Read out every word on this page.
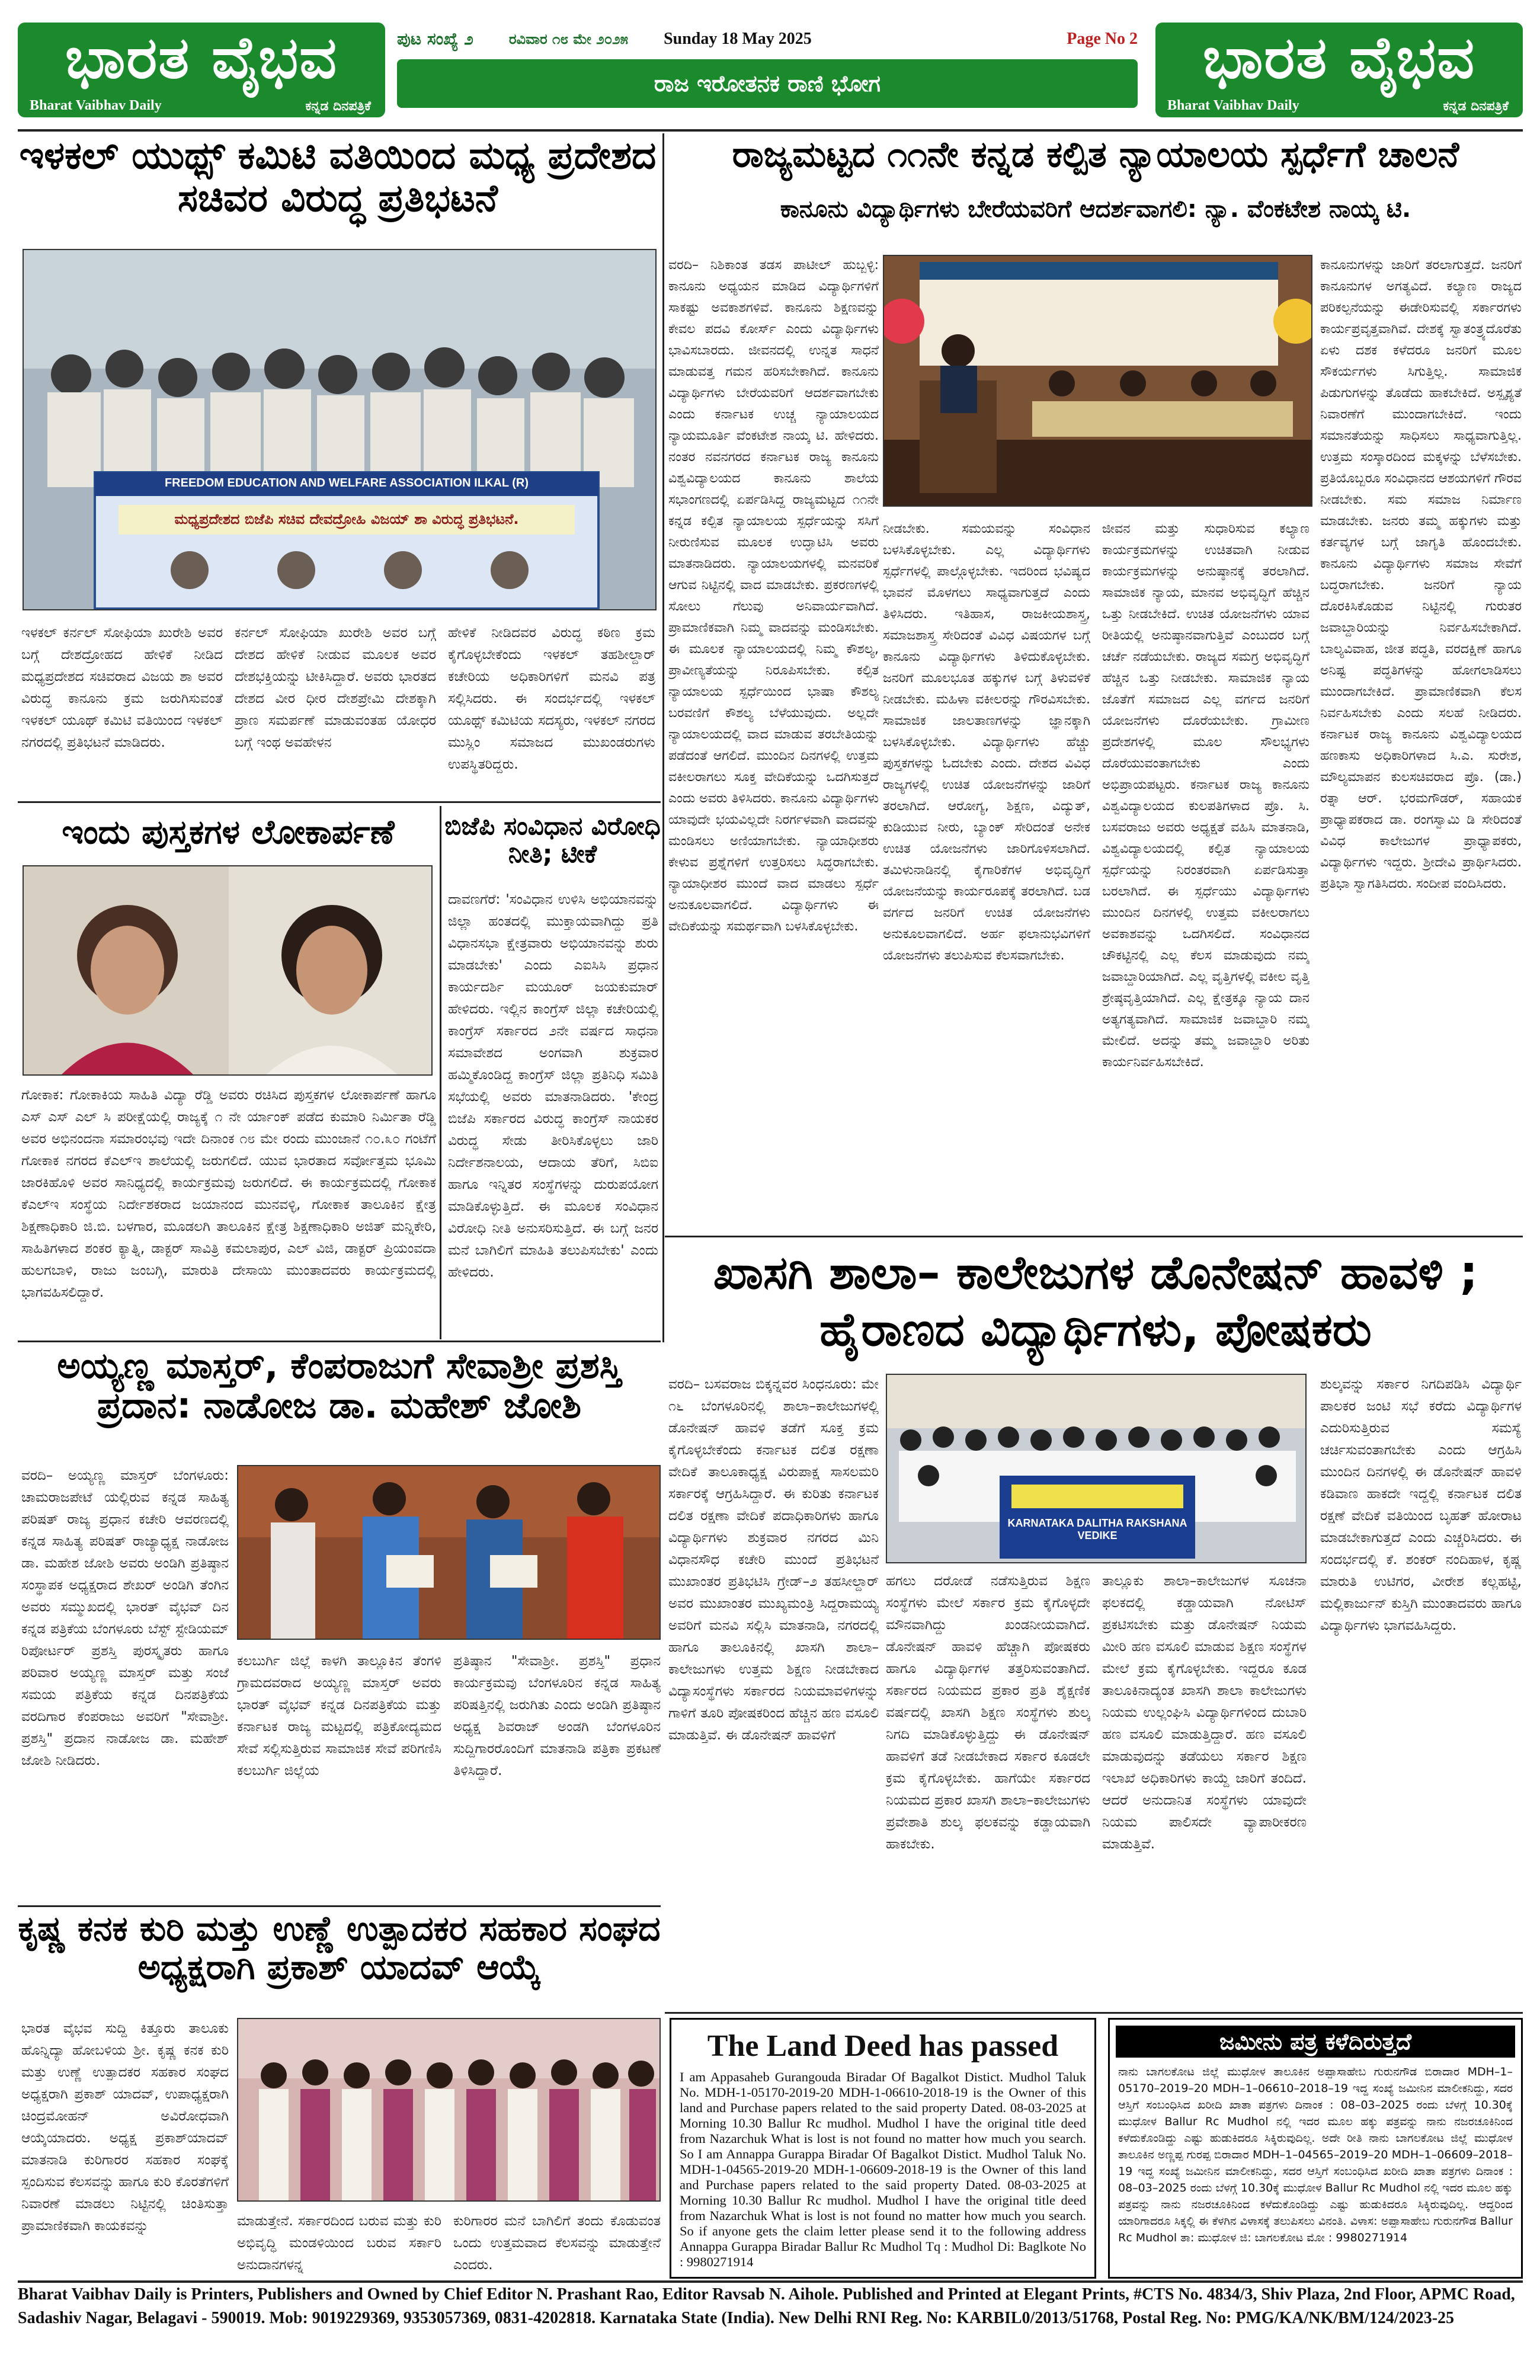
ಭಾರತ ವೈಭವ
Bharat Vaibhav Daily	ಕನ್ನಡ ದಿನಪತ್ರಿಕೆ
ಭಾರತ ವೈಭವ
Bharat Vaibhav Daily	ಕನ್ನಡ ದಿನಪತ್ರಿಕೆ
ಪುಟ ಸಂಖ್ಯೆ ೨	ರವಿವಾರ ೧೮ ಮೇ ೨೦೨೫ Sunday 18 May 2025	Page No 2
ರಾಜ ಇರೋತನಕ ರಾಣಿ ಭೋಗ
ಇಳಕಲ್ ಯುಥ್ಸ್ ಕಮಿಟಿ ವತಿಯಿಂದ ಮಧ್ಯ ಪ್ರದೇಶದ ಸಚಿವರ ವಿರುದ್ಧ ಪ್ರತಿಭಟನೆ
FREEDOM EDUCATION AND WELFARE ASSOCIATION ILKAL (R)
ಮಧ್ಯಪ್ರದೇಶದ ಬಿಜೆಪಿ ಸಚಿವ ದೇವದ್ರೋಹಿ ವಿಜಯ್ ಶಾ ವಿರುದ್ಧ ಪ್ರತಿಭಟನೆ.
ಇಳಕಲ್ ಕರ್ನಲ್ ಸೋಫಿಯಾ ಖುರೇಶಿ ಅವರ ಬಗ್ಗೆ ದೇಶದ್ರೋಹದ ಹೇಳಿಕೆ ನೀಡಿದ ಮಧ್ಯಪ್ರದೇಶದ ಸಚಿವರಾದ ವಿಜಯ ಶಾ ಅವರ ವಿರುದ್ಧ ಕಾನೂನು ಕ್ರಮ ಜರುಗಿಸುವಂತೆ ಇಳಕಲ್ ಯೂಥ್ ಕಮಿಟಿ ವತಿಯಿಂದ ಇಳಕಲ್ ನಗರದಲ್ಲಿ ಪ್ರತಿಭಟನೆ ಮಾಡಿದರು.
ಕರ್ನಲ್ ಸೋಫಿಯಾ ಖುರೇಶಿ ಅವರ ಬಗ್ಗೆ ದೇಶದ ಹೇಳಿಕೆ ನೀಡುವ ಮೂಲಕ ಅವರ ದೇಶಭಕ್ತಿಯನ್ನು ಟೀಕಿಸಿದ್ದಾರೆ. ಅವರು ಭಾರತದ ದೇಶದ ವೀರ ಧೀರ ದೇಶಪ್ರೇಮಿ ದೇಶಕ್ಕಾಗಿ ಪ್ರಾಣ ಸಮರ್ಪಣೆ ಮಾಡುವಂತಹ ಯೋಧರ ಬಗ್ಗೆ ಇಂಥ ಅವಹೇಳನ
ಹೇಳಿಕೆ ನೀಡಿದವರ ವಿರುದ್ಧ ಕಠಿಣ ಕ್ರಮ ಕೈಗೊಳ್ಳಬೇಕೆಂದು ಇಳಕಲ್ ತಹಶೀಲ್ದಾರ್ ಕಚೇರಿಯ ಅಧಿಕಾರಿಗಳಿಗೆ ಮನವಿ ಪತ್ರ ಸಲ್ಲಿಸಿದರು. ಈ ಸಂದರ್ಭದಲ್ಲಿ ಇಳಕಲ್ ಯೂಥ್ಸ್ ಕಮಿಟಿಯ ಸದಸ್ಯರು, ಇಳಕಲ್ ನಗರದ ಮುಸ್ಲಿಂ ಸಮಾಜದ ಮುಖಂಡರುಗಳು ಉಪಸ್ಥಿತರಿದ್ದರು.
ಇಂದು ಪುಸ್ತಕಗಳ ಲೋಕಾರ್ಪಣೆ
ಗೋಕಾಕ: ಗೋಕಾಕಿಯ ಸಾಹಿತಿ ವಿದ್ಯಾ ರೆಡ್ಡಿ ಅವರು ರಚಿಸಿದ ಪುಸ್ತಕಗಳ ಲೋಕಾರ್ಪಣೆ ಹಾಗೂ ಎಸ್ ಎಸ್ ಎಲ್ ಸಿ ಪರೀಕ್ಷೆಯಲ್ಲಿ ರಾಜ್ಯಕ್ಕೆ ೧ ನೇ ರ್ಯಾಂಕ್ ಪಡೆದ ಕುಮಾರಿ ನಿರ್ಮಿತಾ ರೆಡ್ಡಿ ಅವರ ಅಭಿನಂದನಾ ಸಮಾರಂಭವು ಇದೇ ದಿನಾಂಕ ೧೮ ಮೇ ರಂದು ಮುಂಜಾನೆ ೧೦.೩೦ ಗಂಟೆಗೆ ಗೋಕಾಕ ನಗರದ ಕೆಎಲ್‌ಇ ಶಾಲೆಯಲ್ಲಿ ಜರುಗಲಿದೆ. ಯುವ ಭಾರತಾದ ಸರ್ವೋತ್ತಮ ಭೂಮಿ ಜಾರಕಿಹೊಳಿ ಅವರ ಸಾನಿಧ್ಯದಲ್ಲಿ ಕಾರ್ಯಕ್ರಮವು ಜರುಗಲಿದೆ. ಈ ಕಾರ್ಯಕ್ರಮದಲ್ಲಿ ಗೋಕಾಕ ಕೆಎಲ್‌ಇ ಸಂಸ್ಥೆಯ ನಿರ್ದೇಶಕರಾದ ಜಯಾನಂದ ಮುನವಳ್ಳಿ, ಗೋಕಾಕ ತಾಲೂಕಿನ ಕ್ಷೇತ್ರ ಶಿಕ್ಷಣಾಧಿಕಾರಿ ಜಿ.ಬಿ. ಬಳಗಾರ, ಮೂಡಲಗಿ ತಾಲೂಕಿನ ಕ್ಷೇತ್ರ ಶಿಕ್ಷಣಾಧಿಕಾರಿ ಅಜಿತ್ ಮನ್ನಿಕೇರಿ, ಸಾಹಿತಿಗಳಾದ ಶಂಕರ ಕ್ಯಾತ್ನಿ, ಡಾಕ್ಟರ್ ಸಾವಿತ್ರಿ ಕಮಲಾಪುರ, ಎಲ್ ವಿಜಿ, ಡಾಕ್ಟರ್ ಪ್ರಿಯಂವದಾ ಹುಲಗಬಾಳಿ, ರಾಜು ಜಂಬಗ್ಗಿ, ಮಾರುತಿ ದೇಸಾಯಿ ಮುಂತಾದವರು ಕಾರ್ಯಕ್ರಮದಲ್ಲಿ ಭಾಗವಹಿಸಲಿದ್ದಾರೆ.
ಬಿಜೆಪಿ ಸಂವಿಧಾನ ವಿರೋಧಿ ನೀತಿ; ಟೀಕೆ
ದಾವಣಗೆರೆ: 'ಸಂವಿಧಾನ ಉಳಿಸಿ ಅಭಿಯಾನವನ್ನು ಜಿಲ್ಲಾ ಹಂತದಲ್ಲಿ ಮುಕ್ತಾಯವಾಗಿದ್ದು ಪ್ರತಿ ವಿಧಾನಸಭಾ ಕ್ಷೇತ್ರವಾರು ಅಭಿಯಾನವನ್ನು ಶುರು ಮಾಡಬೇಕು' ಎಂದು ಎಐಸಿಸಿ ಪ್ರಧಾನ ಕಾರ್ಯದರ್ಶಿ ಮಯೂರ್ ಜಯಕುಮಾರ್ ಹೇಳಿದರು. ಇಲ್ಲಿನ ಕಾಂಗ್ರೆಸ್ ಜಿಲ್ಲಾ ಕಚೇರಿಯಲ್ಲಿ ಕಾಂಗ್ರೆಸ್ ಸರ್ಕಾರದ ೨ನೇ ವರ್ಷದ ಸಾಧನಾ ಸಮಾವೇಶದ ಅಂಗವಾಗಿ ಶುಕ್ರವಾರ ಹಮ್ಮಿಕೊಂಡಿದ್ದ ಕಾಂಗ್ರೆಸ್ ಜಿಲ್ಲಾ ಪ್ರತಿನಿಧಿ ಸಮಿತಿ ಸಭೆಯಲ್ಲಿ ಅವರು ಮಾತನಾಡಿದರು. 'ಕೇಂದ್ರ ಬಿಜೆಪಿ ಸರ್ಕಾರದ ವಿರುದ್ಧ ಕಾಂಗ್ರೆಸ್ ನಾಯಕರ ವಿರುದ್ಧ ಸೇಡು ತೀರಿಸಿಕೊಳ್ಳಲು ಜಾರಿ ನಿರ್ದೇಶನಾಲಯ, ಆದಾಯ ತೆರಿಗೆ, ಸಿಬಿಐ ಹಾಗೂ ಇನ್ನಿತರ ಸಂಸ್ಥೆಗಳನ್ನು ದುರುಪಯೋಗ ಮಾಡಿಕೊಳ್ಳುತ್ತಿದೆ. ಈ ಮೂಲಕ ಸಂವಿಧಾನ ವಿರೋಧಿ ನೀತಿ ಅನುಸರಿಸುತ್ತಿದೆ. ಈ ಬಗ್ಗೆ ಜನರ ಮನೆ ಬಾಗಿಲಿಗೆ ಮಾಹಿತಿ ತಲುಪಿಸಬೇಕು' ಎಂದು ಹೇಳಿದರು.
ರಾಜ್ಯಮಟ್ಟದ ೧೧ನೇ ಕನ್ನಡ ಕಲ್ಪಿತ ನ್ಯಾಯಾಲಯ ಸ್ಪರ್ಧೆಗೆ ಚಾಲನೆ
ಕಾನೂನು ವಿದ್ಯಾರ್ಥಿಗಳು ಬೇರೆಯವರಿಗೆ ಆದರ್ಶವಾಗಲಿ: ನ್ಯಾ. ವೆಂಕಟೇಶ ನಾಯ್ಕ ಟಿ.
ವರದಿ– ನಿಶಿಕಾಂತ ತಡಸ ಪಾಟೀಲ್ ಹುಬ್ಬಳ್ಳಿ: ಕಾನೂನು ಅಧ್ಯಯನ ಮಾಡಿದ ವಿದ್ಯಾರ್ಥಿಗಳಿಗೆ ಸಾಕಷ್ಟು ಅವಕಾಶಗಳಿವೆ. ಕಾನೂನು ಶಿಕ್ಷಣವನ್ನು ಕೇವಲ ಪದವಿ ಕೋರ್ಸ್ ಎಂದು ವಿದ್ಯಾರ್ಥಿಗಳು ಭಾವಿಸಬಾರದು. ಜೀವನದಲ್ಲಿ ಉನ್ನತ ಸಾಧನೆ ಮಾಡುವತ್ತ ಗಮನ ಹರಿಸಬೇಕಾಗಿದೆ. ಕಾನೂನು ವಿದ್ಯಾರ್ಥಿಗಳು ಬೇರೆಯವರಿಗೆ ಆದರ್ಶವಾಗಬೇಕು ಎಂದು ಕರ್ನಾಟಕ ಉಚ್ಚ ನ್ಯಾಯಾಲಯದ ನ್ಯಾಯಮೂರ್ತಿ ವೆಂಕಟೇಶ ನಾಯ್ಕ ಟಿ. ಹೇಳಿದರು. ನಂತರ ನವನಗರದ ಕರ್ನಾಟಕ ರಾಜ್ಯ ಕಾನೂನು ವಿಶ್ವವಿದ್ಯಾಲಯದ ಕಾನೂನು ಶಾಲೆಯ ಸಭಾಂಗಣದಲ್ಲಿ ಏರ್ಪಡಿಸಿದ್ದ ರಾಜ್ಯಮಟ್ಟದ ೧೧ನೇ ಕನ್ನಡ ಕಲ್ಪಿತ ನ್ಯಾಯಾಲಯ ಸ್ಪರ್ಧೆಯನ್ನು ಸಸಿಗೆ ನೀರುಣಿಸುವ ಮೂಲಕ ಉದ್ಘಾಟಿಸಿ ಅವರು ಮಾತನಾಡಿದರು. ನ್ಯಾಯಾಲಯಗಳಲ್ಲಿ ಮನವರಿಕೆ ಆಗುವ ನಿಟ್ಟಿನಲ್ಲಿ ವಾದ ಮಾಡಬೇಕು. ಪ್ರಕರಣಗಳಲ್ಲಿ ಸೋಲು ಗೆಲುವು ಅನಿವಾರ್ಯವಾಗಿದೆ. ಪ್ರಾಮಾಣಿಕವಾಗಿ ನಿಮ್ಮ ವಾದವನ್ನು ಮಂಡಿಸಬೇಕು. ಈ ಮೂಲಕ ನ್ಯಾಯಾಲಯದಲ್ಲಿ ನಿಮ್ಮ ಕೌಶಲ್ಯ, ಪ್ರಾವೀಣ್ಯತೆಯನ್ನು ನಿರೂಪಿಸಬೇಕು. ಕಲ್ಪಿತ ನ್ಯಾಯಾಲಯ ಸ್ಪರ್ಧೆಯಿಂದ ಭಾಷಾ ಕೌಶಲ್ಯ ಬರವಣಿಗೆ ಕೌಶಲ್ಯ ಬೆಳೆಯುವುದು. ಅಲ್ಲದೇ ನ್ಯಾಯಾಲಯದಲ್ಲಿ ವಾದ ಮಾಡುವ ತರಬೇತಿಯನ್ನು ಪಡೆದಂತೆ ಆಗಲಿದೆ. ಮುಂದಿನ ದಿನಗಳಲ್ಲಿ ಉತ್ತಮ ವಕೀಲರಾಗಲು ಸೂಕ್ತ ವೇದಿಕೆಯನ್ನು ಒದಗಿಸುತ್ತದೆ ಎಂದು ಅವರು ತಿಳಿಸಿದರು. ಕಾನೂನು ವಿದ್ಯಾರ್ಥಿಗಳು ಯಾವುದೇ ಭಯವಿಲ್ಲದೇ ನಿರರ್ಗಳವಾಗಿ ವಾದವನ್ನು ಮಂಡಿಸಲು ಅಣಿಯಾಗಬೇಕು. ನ್ಯಾಯಾಧೀಶರು ಕೇಳುವ ಪ್ರಶ್ನೆಗಳಿಗೆ ಉತ್ತರಿಸಲು ಸಿದ್ಧರಾಗಬೇಕು. ನ್ಯಾಯಾಧೀಶರ ಮುಂದೆ ವಾದ ಮಾಡಲು ಸ್ಪರ್ಧೆ ಅನುಕೂಲವಾಗಲಿದೆ. ವಿದ್ಯಾರ್ಥಿಗಳು ಈ ವೇದಿಕೆಯನ್ನು ಸಮರ್ಥವಾಗಿ ಬಳಸಿಕೊಳ್ಳಬೇಕು.
ನೀಡಬೇಕು. ಸಮಯವನ್ನು ಸಂವಿಧಾನ ಬಳಸಿಕೊಳ್ಳಬೇಕು. ಎಲ್ಲ ವಿದ್ಯಾರ್ಥಿಗಳು ಸ್ಪರ್ಧೆಗಳಲ್ಲಿ ಪಾಲ್ಗೊಳ್ಳಬೇಕು. ಇದರಿಂದ ಭವಿಷ್ಯದ ಭಾವನೆ ಮೊಳಗಲು ಸಾಧ್ಯವಾಗುತ್ತದೆ ಎಂದು ತಿಳಿಸಿದರು. ಇತಿಹಾಸ, ರಾಜಕೀಯಶಾಸ್ತ್ರ, ಸಮಾಜಶಾಸ್ತ್ರ ಸೇರಿದಂತೆ ವಿವಿಧ ವಿಷಯಗಳ ಬಗ್ಗೆ ಕಾನೂನು ವಿದ್ಯಾರ್ಥಿಗಳು ತಿಳಿದುಕೊಳ್ಳಬೇಕು. ಜನರಿಗೆ ಮೂಲಭೂತ ಹಕ್ಕುಗಳ ಬಗ್ಗೆ ತಿಳುವಳಿಕೆ ನೀಡಬೇಕು. ಮಹಿಳಾ ವಕೀಲರನ್ನು ಗೌರವಿಸಬೇಕು. ಸಾಮಾಜಿಕ ಜಾಲತಾಣಗಳನ್ನು ಜ್ಞಾನಕ್ಕಾಗಿ ಬಳಸಿಕೊಳ್ಳಬೇಕು. ವಿದ್ಯಾರ್ಥಿಗಳು ಹೆಚ್ಚು ಪುಸ್ತಕಗಳನ್ನು ಓದಬೇಕು ಎಂದು. ದೇಶದ ವಿವಿಧ ರಾಜ್ಯಗಳಲ್ಲಿ ಉಚಿತ ಯೋಜನೆಗಳನ್ನು ಜಾರಿಗೆ ತರಲಾಗಿದೆ. ಆರೋಗ್ಯ, ಶಿಕ್ಷಣ, ವಿದ್ಯುತ್, ಕುಡಿಯುವ ನೀರು, ಬ್ಯಾಂಕ್ ಸೇರಿದಂತೆ ಅನೇಕ ಉಚಿತ ಯೋಜನೆಗಳು ಜಾರಿಗೊಳಿಸಲಾಗಿದೆ. ತಮಿಳುನಾಡಿನಲ್ಲಿ ಕೈಗಾರಿಕೆಗಳ ಅಭಿವೃದ್ಧಿಗೆ ಯೋಜನೆಯನ್ನು ಕಾರ್ಯರೂಪಕ್ಕೆ ತರಲಾಗಿದೆ. ಬಡ ವರ್ಗದ ಜನರಿಗೆ ಉಚಿತ ಯೋಜನೆಗಳು ಅನುಕೂಲವಾಗಲಿದೆ. ಅರ್ಹ ಫಲಾನುಭವಿಗಳಿಗೆ ಯೋಜನೆಗಳು ತಲುಪಿಸುವ ಕೆಲಸವಾಗಬೇಕು.
ಜೀವನ ಮತ್ತು ಸುಧಾರಿಸುವ ಕಲ್ಯಾಣ ಕಾರ್ಯಕ್ರಮಗಳನ್ನು ಉಚಿತವಾಗಿ ನೀಡುವ ಕಾರ್ಯಕ್ರಮಗಳನ್ನು ಅನುಷ್ಠಾನಕ್ಕೆ ತರಲಾಗಿದೆ. ಸಾಮಾಜಿಕ ನ್ಯಾಯ, ಮಾನವ ಅಭಿವೃದ್ಧಿಗೆ ಹೆಚ್ಚಿನ ಒತ್ತು ನೀಡಬೇಕಿದೆ. ಉಚಿತ ಯೋಜನೆಗಳು ಯಾವ ರೀತಿಯಲ್ಲಿ ಅನುಷ್ಠಾನವಾಗುತ್ತಿವೆ ಎಂಬುದರ ಬಗ್ಗೆ ಚರ್ಚೆ ನಡೆಯಬೇಕು. ರಾಜ್ಯದ ಸಮಗ್ರ ಅಭಿವೃದ್ಧಿಗೆ ಹೆಚ್ಚಿನ ಒತ್ತು ನೀಡಬೇಕು. ಸಾಮಾಜಿಕ ನ್ಯಾಯ ಜೊತೆಗೆ ಸಮಾಜದ ಎಲ್ಲ ವರ್ಗದ ಜನರಿಗೆ ಯೋಜನೆಗಳು ದೊರೆಯಬೇಕು. ಗ್ರಾಮೀಣ ಪ್ರದೇಶಗಳಲ್ಲಿ ಮೂಲ ಸೌಲಭ್ಯಗಳು ದೊರೆಯುವಂತಾಗಬೇಕು ಎಂದು ಅಭಿಪ್ರಾಯಪಟ್ಟರು. ಕರ್ನಾಟಕ ರಾಜ್ಯ ಕಾನೂನು ವಿಶ್ವವಿದ್ಯಾಲಯದ ಕುಲಪತಿಗಳಾದ ಪ್ರೊ. ಸಿ. ಬಸವರಾಜು ಅವರು ಅಧ್ಯಕ್ಷತೆ ವಹಿಸಿ ಮಾತನಾಡಿ, ವಿಶ್ವವಿದ್ಯಾಲಯದಲ್ಲಿ ಕಲ್ಪಿತ ನ್ಯಾಯಾಲಯ ಸ್ಪರ್ಧೆಯನ್ನು ನಿರಂತರವಾಗಿ ಏರ್ಪಡಿಸುತ್ತಾ ಬರಲಾಗಿದೆ. ಈ ಸ್ಪರ್ಧೆಯು ವಿದ್ಯಾರ್ಥಿಗಳು ಮುಂದಿನ ದಿನಗಳಲ್ಲಿ ಉತ್ತಮ ವಕೀಲರಾಗಲು ಅವಕಾಶವನ್ನು ಒದಗಿಸಲಿದೆ. ಸಂವಿಧಾನದ ಚೌಕಟ್ಟಿನಲ್ಲಿ ಎಲ್ಲ ಕೆಲಸ ಮಾಡುವುದು ನಮ್ಮ ಜವಾಬ್ದಾರಿಯಾಗಿದೆ. ಎಲ್ಲ ವೃತ್ತಿಗಳಲ್ಲಿ ವಕೀಲ ವೃತ್ತಿ ಶ್ರೇಷ್ಠವೃತ್ತಿಯಾಗಿದೆ. ಎಲ್ಲ ಕ್ಷೇತ್ರಕ್ಕೂ ನ್ಯಾಯ ದಾನ ಅತ್ಯಗತ್ಯವಾಗಿದೆ. ಸಾಮಾಜಿಕ ಜವಾಬ್ದಾರಿ ನಮ್ಮ ಮೇಲಿದೆ. ಅದನ್ನು ತಮ್ಮ ಜವಾಬ್ದಾರಿ ಅರಿತು ಕಾರ್ಯನಿರ್ವಹಿಸಬೇಕಿದೆ.
ಕಾನೂನುಗಳನ್ನು ಜಾರಿಗೆ ತರಲಾಗುತ್ತದೆ. ಜನರಿಗೆ ಕಾನೂನುಗಳ ಅಗತ್ಯವಿದೆ. ಕಲ್ಯಾಣ ರಾಜ್ಯದ ಪರಿಕಲ್ಪನೆಯನ್ನು ಈಡೇರಿಸುವಲ್ಲಿ ಸರ್ಕಾರಗಳು ಕಾರ್ಯಪ್ರವೃತ್ತವಾಗಿವೆ. ದೇಶಕ್ಕೆ ಸ್ವಾತಂತ್ರ್ಯದೊರೆತು ಏಳು ದಶಕ ಕಳೆದರೂ ಜನರಿಗೆ ಮೂಲ ಸೌಕರ್ಯಗಳು ಸಿಗುತ್ತಿಲ್ಲ. ಸಾಮಾಜಿಕ ಪಿಡುಗುಗಳನ್ನು ತೊಡೆದು ಹಾಕಬೇಕಿದೆ. ಅಸ್ಪೃಶ್ಯತೆ ನಿವಾರಣೆಗೆ ಮುಂದಾಗಬೇಕಿದೆ. ಇಂದು ಸಮಾನತೆಯನ್ನು ಸಾಧಿಸಲು ಸಾಧ್ಯವಾಗುತ್ತಿಲ್ಲ. ಉತ್ತಮ ಸಂಸ್ಕಾರದಿಂದ ಮಕ್ಕಳನ್ನು ಬೆಳೆಸಬೇಕು. ಪ್ರತಿಯೊಬ್ಬರೂ ಸಂವಿಧಾನದ ಆಶಯಗಳಿಗೆ ಗೌರವ ನೀಡಬೇಕು. ಸಮ ಸಮಾಜ ನಿರ್ಮಾಣ ಮಾಡಬೇಕು. ಜನರು ತಮ್ಮ ಹಕ್ಕುಗಳು ಮತ್ತು ಕರ್ತವ್ಯಗಳ ಬಗ್ಗೆ ಜಾಗೃತಿ ಹೊಂದಬೇಕು. ಕಾನೂನು ವಿದ್ಯಾರ್ಥಿಗಳು ಸಮಾಜ ಸೇವೆಗೆ ಬದ್ಧರಾಗಬೇಕು. ಜನರಿಗೆ ನ್ಯಾಯ ದೊರಕಿಸಿಕೊಡುವ ನಿಟ್ಟಿನಲ್ಲಿ ಗುರುತರ ಜವಾಬ್ದಾರಿಯನ್ನು ನಿರ್ವಹಿಸಬೇಕಾಗಿದೆ. ಬಾಲ್ಯವಿವಾಹ, ಜೀತ ಪದ್ಧತಿ, ವರದಕ್ಷಿಣೆ ಹಾಗೂ ಅನಿಷ್ಟ ಪದ್ಧತಿಗಳನ್ನು ಹೋಗಲಾಡಿಸಲು ಮುಂದಾಗಬೇಕಿದೆ. ಪ್ರಾಮಾಣಿಕವಾಗಿ ಕೆಲಸ ನಿರ್ವಹಿಸಬೇಕು ಎಂದು ಸಲಹೆ ನೀಡಿದರು. ಕರ್ನಾಟಕ ರಾಜ್ಯ ಕಾನೂನು ವಿಶ್ವವಿದ್ಯಾಲಯದ ಹಣಕಾಸು ಅಧಿಕಾರಿಗಳಾದ ಸಿ.ಎ. ಸುರೇಶ, ಮೌಲ್ಯಮಾಪನ ಕುಲಸಚಿವರಾದ ಪ್ರೊ. (ಡಾ.) ರತ್ನಾ ಆರ್. ಭರಮಗೌಡರ್, ಸಹಾಯಕ ಪ್ರಾಧ್ಯಾಪಕರಾದ ಡಾ. ರಂಗಸ್ವಾಮಿ ಡಿ ಸೇರಿದಂತೆ ವಿವಿಧ ಕಾಲೇಜುಗಳ ಪ್ರಾಧ್ಯಾಪಕರು, ವಿದ್ಯಾರ್ಥಿಗಳು ಇದ್ದರು. ಶ್ರೀದೇವಿ ಪ್ರಾರ್ಥಿಸಿದರು. ಪ್ರತಿಭಾ ಸ್ವಾಗತಿಸಿದರು. ಸಂದೀಪ ವಂದಿಸಿದರು.
ಖಾಸಗಿ ಶಾಲಾ– ಕಾಲೇಜುಗಳ ಡೊನೇಷನ್ ಹಾವಳಿ ; ಹೈರಾಣದ ವಿದ್ಯಾರ್ಥಿಗಳು, ಪೋಷಕರು
KARNATAKA DALITHA RAKSHANA VEDIKE
ವರದಿ– ಬಸವರಾಜ ಬಿಕ್ಕನ್ನವರ ಸಿಂಧನೂರು: ಮೇ ೧೬ ಬೆಂಗಳೂರಿನಲ್ಲಿ ಶಾಲಾ–ಕಾಲೇಜುಗಳಲ್ಲಿ ಡೊನೇಷನ್ ಹಾವಳಿ ತಡೆಗೆ ಸೂಕ್ತ ಕ್ರಮ ಕೈಗೊಳ್ಳಬೇಕೆಂದು ಕರ್ನಾಟಕ ದಲಿತ ರಕ್ಷಣಾ ವೇದಿಕೆ ತಾಲೂಕಾಧ್ಯಕ್ಷ ವಿರುಪಾಕ್ಷ ಸಾಸಲಮರಿ ಸರ್ಕಾರಕ್ಕೆ ಆಗ್ರಹಿಸಿದ್ದಾರೆ. ಈ ಕುರಿತು ಕರ್ನಾಟಕ ದಲಿತ ರಕ್ಷಣಾ ವೇದಿಕೆ ಪದಾಧಿಕಾರಿಗಳು ಹಾಗೂ ವಿದ್ಯಾರ್ಥಿಗಳು ಶುಕ್ರವಾರ ನಗರದ ಮಿನಿ ವಿಧಾನಸೌಧ ಕಚೇರಿ ಮುಂದೆ ಪ್ರತಿಭಟನೆ ಮುಖಾಂತರ ಪ್ರತಿಭಟಿಸಿ ಗ್ರೇಡ್–೨ ತಹಸೀಲ್ದಾರ್ ಅವರ ಮುಖಾಂತರ ಮುಖ್ಯಮಂತ್ರಿ ಸಿದ್ದರಾಮಯ್ಯ ಅವರಿಗೆ ಮನವಿ ಸಲ್ಲಿಸಿ ಮಾತನಾಡಿ, ನಗರದಲ್ಲಿ ಹಾಗೂ ತಾಲೂಕಿನಲ್ಲಿ ಖಾಸಗಿ ಶಾಲಾ–ಕಾಲೇಜುಗಳು ಉತ್ತಮ ಶಿಕ್ಷಣ ನೀಡಬೇಕಾದ ವಿದ್ಯಾಸಂಸ್ಥೆಗಳು ಸರ್ಕಾರದ ನಿಯಮಾವಳಿಗಳನ್ನು ಗಾಳಿಗೆ ತೂರಿ ಪೋಷಕರಿಂದ ಹೆಚ್ಚಿನ ಹಣ ವಸೂಲಿ ಮಾಡುತ್ತಿವೆ. ಈ ಡೊನೇಷನ್ ಹಾವಳಿಗೆ
ಹಗಲು ದರೋಡೆ ನಡೆಸುತ್ತಿರುವ ಶಿಕ್ಷಣ ಸಂಸ್ಥೆಗಳು ಮೇಲೆ ಸರ್ಕಾರ ಕ್ರಮ ಕೈಗೊಳ್ಳದೇ ಮೌನವಾಗಿದ್ದು ಖಂಡನೀಯವಾಗಿದೆ. ಡೊನೇಷನ್ ಹಾವಳಿ ಹೆಚ್ಚಾಗಿ ಪೋಷಕರು ಹಾಗೂ ವಿದ್ಯಾರ್ಥಿಗಳ ತತ್ತರಿಸುವಂತಾಗಿದೆ. ಸರ್ಕಾರದ ನಿಯಮದ ಪ್ರಕಾರ ಪ್ರತಿ ಶೈಕ್ಷಣಿಕ ವರ್ಷದಲ್ಲಿ ಖಾಸಗಿ ಶಿಕ್ಷಣ ಸಂಸ್ಥೆಗಳು ಶುಲ್ಕ ನಿಗದಿ ಮಾಡಿಕೊಳ್ಳುತ್ತಿದ್ದು ಈ ಡೊನೇಷನ್ ಹಾವಳಿಗೆ ತಡೆ ನೀಡಬೇಕಾದ ಸರ್ಕಾರ ಕೂಡಲೇ ಕ್ರಮ ಕೈಗೊಳ್ಳಬೇಕು. ಹಾಗೆಯೇ ಸರ್ಕಾರದ ನಿಯಮದ ಪ್ರಕಾರ ಖಾಸಗಿ ಶಾಲಾ–ಕಾಲೇಜುಗಳು ಪ್ರವೇಶಾತಿ ಶುಲ್ಕ ಫಲಕವನ್ನು ಕಡ್ಡಾಯವಾಗಿ ಹಾಕಬೇಕು.
ತಾಲ್ಲೂಕು ಶಾಲಾ–ಕಾಲೇಜುಗಳ ಸೂಚನಾ ಫಲಕದಲ್ಲಿ ಕಡ್ಡಾಯವಾಗಿ ನೋಟಿಸ್ ಪ್ರಕಟಿಸಬೇಕು ಮತ್ತು ಡೊನೇಷನ್ ನಿಯಮ ಮೀರಿ ಹಣ ವಸೂಲಿ ಮಾಡುವ ಶಿಕ್ಷಣ ಸಂಸ್ಥೆಗಳ ಮೇಲೆ ಕ್ರಮ ಕೈಗೊಳ್ಳಬೇಕು. ಇದ್ದರೂ ಕೂಡ ತಾಲೂಕಿನಾದ್ಯಂತ ಖಾಸಗಿ ಶಾಲಾ ಕಾಲೇಜುಗಳು ನಿಯಮ ಉಲ್ಲಂಘಿಸಿ ವಿದ್ಯಾರ್ಥಿಗಳಿಂದ ದುಬಾರಿ ಹಣ ವಸೂಲಿ ಮಾಡುತ್ತಿದ್ದಾರೆ. ಹಣ ವಸೂಲಿ ಮಾಡುವುದನ್ನು ತಡೆಯಲು ಸರ್ಕಾರ ಶಿಕ್ಷಣ ಇಲಾಖೆ ಅಧಿಕಾರಿಗಳು ಕಾಯ್ದೆ ಜಾರಿಗೆ ತಂದಿದೆ. ಆದರೆ ಅನುದಾನಿತ ಸಂಸ್ಥೆಗಳು ಯಾವುದೇ ನಿಯಮ ಪಾಲಿಸದೇ ವ್ಯಾಪಾರೀಕರಣ ಮಾಡುತ್ತಿವೆ.
ಶುಲ್ಕವನ್ನು ಸರ್ಕಾರ ನಿಗದಿಪಡಿಸಿ ವಿದ್ಯಾರ್ಥಿ ಪಾಲಕರ ಜಂಟಿ ಸಭೆ ಕರೆದು ವಿದ್ಯಾರ್ಥಿಗಳ ಎದುರಿಸುತ್ತಿರುವ ಸಮಸ್ಯೆ ಚರ್ಚಿಸುವಂತಾಗಬೇಕು ಎಂದು ಆಗ್ರಹಿಸಿ ಮುಂದಿನ ದಿನಗಳಲ್ಲಿ ಈ ಡೊನೇಷನ್ ಹಾವಳಿ ಕಡಿವಾಣ ಹಾಕದೇ ಇದ್ದಲ್ಲಿ ಕರ್ನಾಟಕ ದಲಿತ ರಕ್ಷಣೆ ವೇದಿಕೆ ವತಿಯಿಂದ ಬೃಹತ್ ಹೋರಾಟ ಮಾಡಬೇಕಾಗುತ್ತದೆ ಎಂದು ಎಚ್ಚರಿಸಿದರು. ಈ ಸಂದರ್ಭದಲ್ಲಿ ಕೆ. ಶಂಕರ್ ನಂದಿಹಾಳ, ಕೃಷ್ಣ ಮಾರುತಿ ಉಟಿಗರ, ವೀರೇಶ ಕಲ್ಲಹಟ್ಟಿ, ಮಲ್ಲಿಕಾರ್ಜುನ್ ಕುಸ್ತಿಗಿ ಮುಂತಾದವರು ಹಾಗೂ ವಿದ್ಯಾರ್ಥಿಗಳು ಭಾಗವಹಿಸಿದ್ದರು.
ಅಯ್ಯಣ್ಣ ಮಾಸ್ತರ್, ಕೆಂಪರಾಜುಗೆ ಸೇವಾಶ್ರೀ ಪ್ರಶಸ್ತಿ ಪ್ರದಾನ: ನಾಡೋಜ ಡಾ. ಮಹೇಶ್ ಜೋಶಿ
ವರದಿ– ಅಯ್ಯಣ್ಣ ಮಾಸ್ತರ್ ಬೆಂಗಳೂರು: ಚಾಮರಾಜಪೇಟೆ ಯಲ್ಲಿರುವ ಕನ್ನಡ ಸಾಹಿತ್ಯ ಪರಿಷತ್ ರಾಜ್ಯ ಪ್ರಧಾನ ಕಚೇರಿ ಆವರಣದಲ್ಲಿ ಕನ್ನಡ ಸಾಹಿತ್ಯ ಪರಿಷತ್ ರಾಜ್ಯಾಧ್ಯಕ್ಷ ನಾಡೋಜ ಡಾ. ಮಹೇಶ ಜೋಶಿ ಅವರು ಅಂಡಿಗಿ ಪ್ರತಿಷ್ಠಾನ ಸಂಸ್ಥಾಪಕ ಅಧ್ಯಕ್ಷರಾದ ಶೇಖರ್ ಅಂಡಿಗಿ ತೆಂಗಿನ ಅವರು ಸಮ್ಮುಖದಲ್ಲಿ ಭಾರತ್ ವೈಭವ್ ದಿನ ಕನ್ನಡ ಪತ್ರಿಕೆಯ ಬೆಂಗಳೂರು ಬೆಸ್ಟ್ ಸ್ಟೇಡಿಯಮ್ ರಿಪೋರ್ಟರ್ ಪ್ರಶಸ್ತಿ ಪುರಸ್ಕೃತರು ಹಾಗೂ ಪರಿವಾರ ಅಯ್ಯಣ್ಣ ಮಾಸ್ತರ್ ಮತ್ತು ಸಂಜೆ ಸಮಯ ಪತ್ರಿಕೆಯ ಕನ್ನಡ ದಿನಪತ್ರಿಕೆಯ ವರದಿಗಾರ ಕೆಂಪರಾಜು ಅವರಿಗೆ "ಸೇವಾಶ್ರೀ. ಪ್ರಶಸ್ತಿ" ಪ್ರದಾನ ನಾಡೋಜ ಡಾ. ಮಹೇಶ್ ಜೋಶಿ ನೀಡಿದರು.
ಕಲಬುರ್ಗಿ ಜಿಲ್ಲೆ ಕಾಳಗಿ ತಾಲ್ಲೂಕಿನ ತೆಂಗಳಿ ಗ್ರಾಮದವರಾದ ಅಯ್ಯಣ್ಣ ಮಾಸ್ತರ್ ಅವರು ಭಾರತ್ ವೈಭವ್ ಕನ್ನಡ ದಿನಪತ್ರಿಕೆಯ ಮತ್ತು ಕರ್ನಾಟಕ ರಾಜ್ಯ ಮಟ್ಟದಲ್ಲಿ ಪತ್ರಿಕೋದ್ಯಮದ ಸೇವೆ ಸಲ್ಲಿಸುತ್ತಿರುವ ಸಾಮಾಜಿಕ ಸೇವೆ ಪರಿಗಣಿಸಿ ಕಲಬುರ್ಗಿ ಜಿಲ್ಲೆಯ
ಪ್ರತಿಷ್ಠಾನ "ಸೇವಾಶ್ರೀ. ಪ್ರಶಸ್ತಿ" ಪ್ರಧಾನ ಕಾರ್ಯಕ್ರಮವು ಬೆಂಗಳೂರಿನ ಕನ್ನಡ ಸಾಹಿತ್ಯ ಪರಿಷತ್ತಿನಲ್ಲಿ ಜರುಗಿತು ಎಂದು ಅಂಡಿಗಿ ಪ್ರತಿಷ್ಠಾನ ಅಧ್ಯಕ್ಷ ಶಿವರಾಜ್ ಅಂಡಗಿ ಬೆಂಗಳೂರಿನ ಸುದ್ದಿಗಾರರೊಂದಿಗೆ ಮಾತನಾಡಿ ಪತ್ರಿಕಾ ಪ್ರಕಟಣೆ ತಿಳಿಸಿದ್ದಾರೆ.
ಕೃಷ್ಣ ಕನಕ ಕುರಿ ಮತ್ತು ಉಣ್ಣೆ ಉತ್ಪಾದಕರ ಸಹಕಾರ ಸಂಘದ ಅಧ್ಯಕ್ಷರಾಗಿ ಪ್ರಕಾಶ್ ಯಾದವ್ ಆಯ್ಕೆ
ಭಾರತ ವೈಭವ ಸುದ್ದಿ ಕಿತ್ತೂರು ತಾಲೂಕು ಹೊನ್ನಿದ್ಯಾ ಹೋಬಳಿಯ ಶ್ರೀ. ಕೃಷ್ಣ ಕನಕ ಕುರಿ ಮತ್ತು ಉಣ್ಣೆ ಉತ್ಪಾದಕರ ಸಹಕಾರ ಸಂಘದ ಅಧ್ಯಕ್ಷರಾಗಿ ಪ್ರಕಾಶ್ ಯಾದವ್, ಉಪಾಧ್ಯಕ್ಷರಾಗಿ ಚಿಂದ್ರಮೋಹನ್ ಅವಿರೋಧವಾಗಿ ಆಯ್ಕೆಯಾದರು. ಅಧ್ಯಕ್ಷ ಪ್ರಕಾಶ್‌ಯಾದವ್ ಮಾತನಾಡಿ ಕುರಿಗಾರರ ಸಹಕಾರ ಸಂಘಕ್ಕೆ ಸ್ಪಂದಿಸುವ ಕೆಲಸವನ್ನು ಹಾಗೂ ಕುರಿ ಕೊರತೆಗಳಿಗೆ ನಿವಾರಣೆ ಮಾಡಲು ನಿಟ್ಟಿನಲ್ಲಿ ಚಿಂತಿಸುತ್ತಾ ಪ್ರಾಮಾಣಿಕವಾಗಿ ಕಾಯಕವನ್ನು	ಮಾಡುತ್ತೇನೆ. ಸರ್ಕಾರದಿಂದ ಬರುವ ಮತ್ತು ಕುರಿ ಅಭಿವೃದ್ಧಿ ಮಂಡಳಿಯಿಂದ ಬರುವ ಸರ್ಕಾರಿ ಅನುದಾನಗಳನ್ನ
ಕುರಿಗಾರರ ಮನೆ ಬಾಗಿಲಿಗೆ ತಂದು ಕೊಡುವಂತ ಒಂದು ಉತ್ತಮವಾದ ಕೆಲಸವನ್ನು ಮಾಡುತ್ತೇನೆ ಎಂದರು.
The Land Deed has passed
I am Appasaheb Gurangouda Biradar Of Bagalkot Distict. Mudhol Taluk No. MDH-1-05170-2019-20 MDH-1-06610-2018-19 is the Owner of this land and Purchase papers related to the said property Dated. 08-03-2025 at Morning 10.30 Ballur Rc mudhol. Mudhol I have the original title deed from Nazarchuk What is lost is not found no matter how much you search. So I am Annappa Gurappa Biradar Of Bagalkot Distict. Mudhol Taluk No. MDH-1-04565-2019-20 MDH-1-06609-2018-19 is the Owner of this land and Purchase papers related to the said property Dated. 08-03-2025 at Morning 10.30 Ballur Rc mudhol. Mudhol I have the original title deed from Nazarchuk What is lost is not found no matter how much you search. So if anyone gets the claim letter please send it to the following address Annappa Gurappa Biradar Ballur Rc Mudhol Tq : Mudhol Di: Baglkote No : 9980271914
ಜಮೀನು ಪತ್ರ ಕಳೆದಿರುತ್ತದೆ
ನಾನು ಬಾಗಲಕೋಟ ಜಿಲ್ಲೆ ಮುಧೋಳ ತಾಲೂಕಿನ ಅಪ್ಪಾಸಾಹೇಬ ಗುರುನಗೌಡ ಬಿರಾದಾರ MDH–1–05170–2019–20 MDH–1–06610–2018–19 ಇದ್ದ ಸಂಖ್ಯೆ ಜಮೀನಿನ ಮಾಲೀಕನಿದ್ದು, ಸದರ ಆಸ್ತಿಗೆ ಸಂಬಂಧಿಸಿದ ಖರೀದಿ ಖಾತಾ ಪತ್ರಗಳು ದಿನಾಂಕ : 08–03–2025 ರಂದು ಬೆಳಗ್ಗೆ 10.30ಕ್ಕೆ ಮುಧೋಳ Ballur Rc Mudhol ನಲ್ಲಿ ಇದರ ಮೂಲ ಹಕ್ಕು ಪತ್ರವನ್ನು ನಾನು ನಜರಚೂಕಿನಿಂದ ಕಳೆದುಕೊಂಡಿದ್ದು ಎಷ್ಟು ಹುಡುಕಿದರೂ ಸಿಕ್ಕಿರುವುದಿಲ್ಲ. ಅದೇ ರೀತಿ ನಾನು ಬಾಗಲಕೋಟ ಜಿಲ್ಲೆ ಮುಧೋಳ ತಾಲೂಕಿನ ಅಣ್ಣಪ್ಪ ಗುರಪ್ಪ ಬಿರಾದಾರ MDH–1–04565–2019–20 MDH–1–06609–2018–19 ಇದ್ದ ಸಂಖ್ಯೆ ಜಮೀನಿನ ಮಾಲೀಕನಿದ್ದು, ಸದರ ಆಸ್ತಿಗೆ ಸಂಬಂಧಿಸಿದ ಖರೀದಿ ಖಾತಾ ಪತ್ರಗಳು ದಿನಾಂಕ : 08–03–2025 ರಂದು ಬೆಳಗ್ಗೆ 10.30ಕ್ಕೆ ಮುಧೋಳ Ballur Rc Mudhol ನಲ್ಲಿ ಇದರ ಮೂಲ ಹಕ್ಕು ಪತ್ರವನ್ನು ನಾನು ನಜರಚೂಕಿನಿಂದ ಕಳೆದುಕೊಂಡಿದ್ದು ಎಷ್ಟು ಹುಡುಕಿದರೂ ಸಿಕ್ಕಿರುವುದಿಲ್ಲ. ಆದ್ದರಿಂದ ಯಾರಿಗಾದರೂ ಸಿಕ್ಕಲ್ಲಿ ಈ ಕೆಳಗಿನ ವಿಳಾಸಕ್ಕೆ ತಲುಪಿಸಲು ವಿನಂತಿ. ವಿಳಾಸ: ಅಪ್ಪಾಸಾಹೇಬ ಗುರುನಗೌಡ Ballur Rc Mudhol ತಾ: ಮುಧೋಳ ಜಿ: ಬಾಗಲಕೋಟ ಮೋ : 9980271914
Bharat Vaibhav Daily is Printers, Publishers and Owned by Chief Editor N. Prashant Rao, Editor Ravsab N. Aihole. Published and Printed at Elegant Prints, #CTS No. 4834/3, Shiv Plaza, 2nd Floor, APMC Road, Sadashiv Nagar, Belagavi - 590019. Mob: 9019229369, 9353057369, 0831-4202818. Karnataka State (India). New Delhi RNI Reg. No: KARBIL0/2013/51768, Postal Reg. No: PMG/KA/NK/BM/124/2023-25
